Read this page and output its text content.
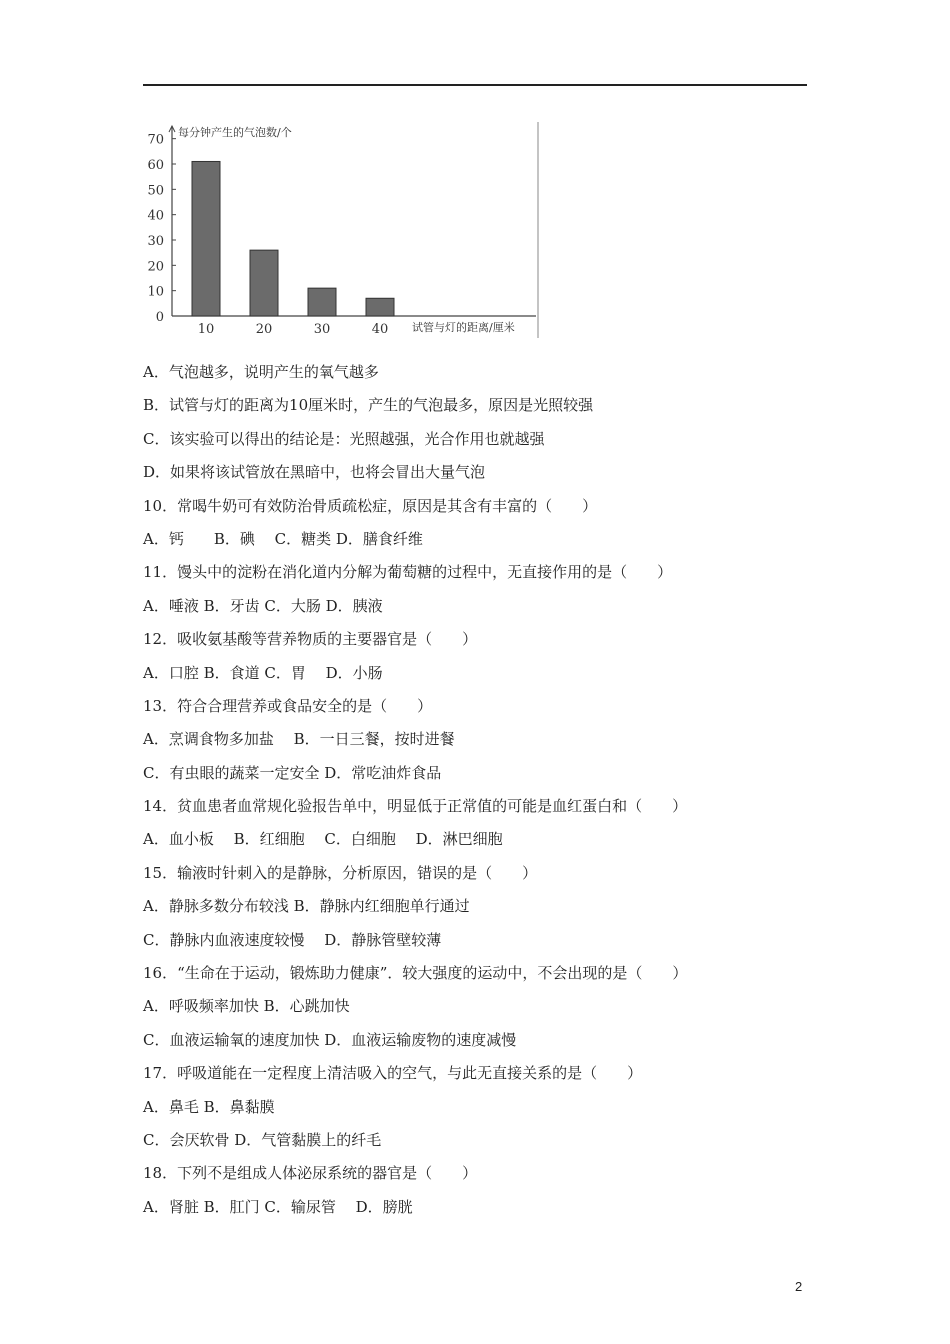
0
10
20
30
40
50
60
70
每分钟产生的气泡数/个
10	20	30	40 试管与灯的距离/厘米
A．气泡越多，说明产生的氧气越多
B．试管与灯的距离为10厘米时，产生的气泡最多，原因是光照较强
C．该实验可以得出的结论是：光照越强，光合作用也就越强
D．如果将该试管放在黑暗中，也将会冒出大量气泡
10．常喝牛奶可有效防治骨质疏松症，原因是其含有丰富的（　　）
A．钙　　B．碘　 C．糖类 D．膳食纤维
11．馒头中的淀粉在消化道内分解为葡萄糖的过程中，无直接作用的是（　　）
A．唾液 B．牙齿 C．大肠 D．胰液
12．吸收氨基酸等营养物质的主要器官是（　　）
A．口腔 B．食道 C．胃　 D．小肠
13．符合合理营养或食品安全的是（　　）
A．烹调食物多加盐　 B．一日三餐，按时进餐
C．有虫眼的蔬菜一定安全 D．常吃油炸食品
14．贫血患者血常规化验报告单中，明显低于正常值的可能是血红蛋白和（　　）
A．血小板　 B．红细胞　 C．白细胞　 D．淋巴细胞
15．输液时针刺入的是静脉，分析原因，错误的是（　　）
A．静脉多数分布较浅 B．静脉内红细胞单行通过
C．静脉内血液速度较慢　 D．静脉管壁较薄
16．“生命在于运动，锻炼助力健康”．较大强度的运动中，不会出现的是（　　）
A．呼吸频率加快 B．心跳加快
C．血液运输氧的速度加快 D．血液运输废物的速度减慢
17．呼吸道能在一定程度上清洁吸入的空气，与此无直接关系的是（　　）
A．鼻毛 B．鼻黏膜
C．会厌软骨 D．气管黏膜上的纤毛
18．下列不是组成人体泌尿系统的器官是（　　）
A．肾脏 B．肛门 C．输尿管　 D．膀胱
2
